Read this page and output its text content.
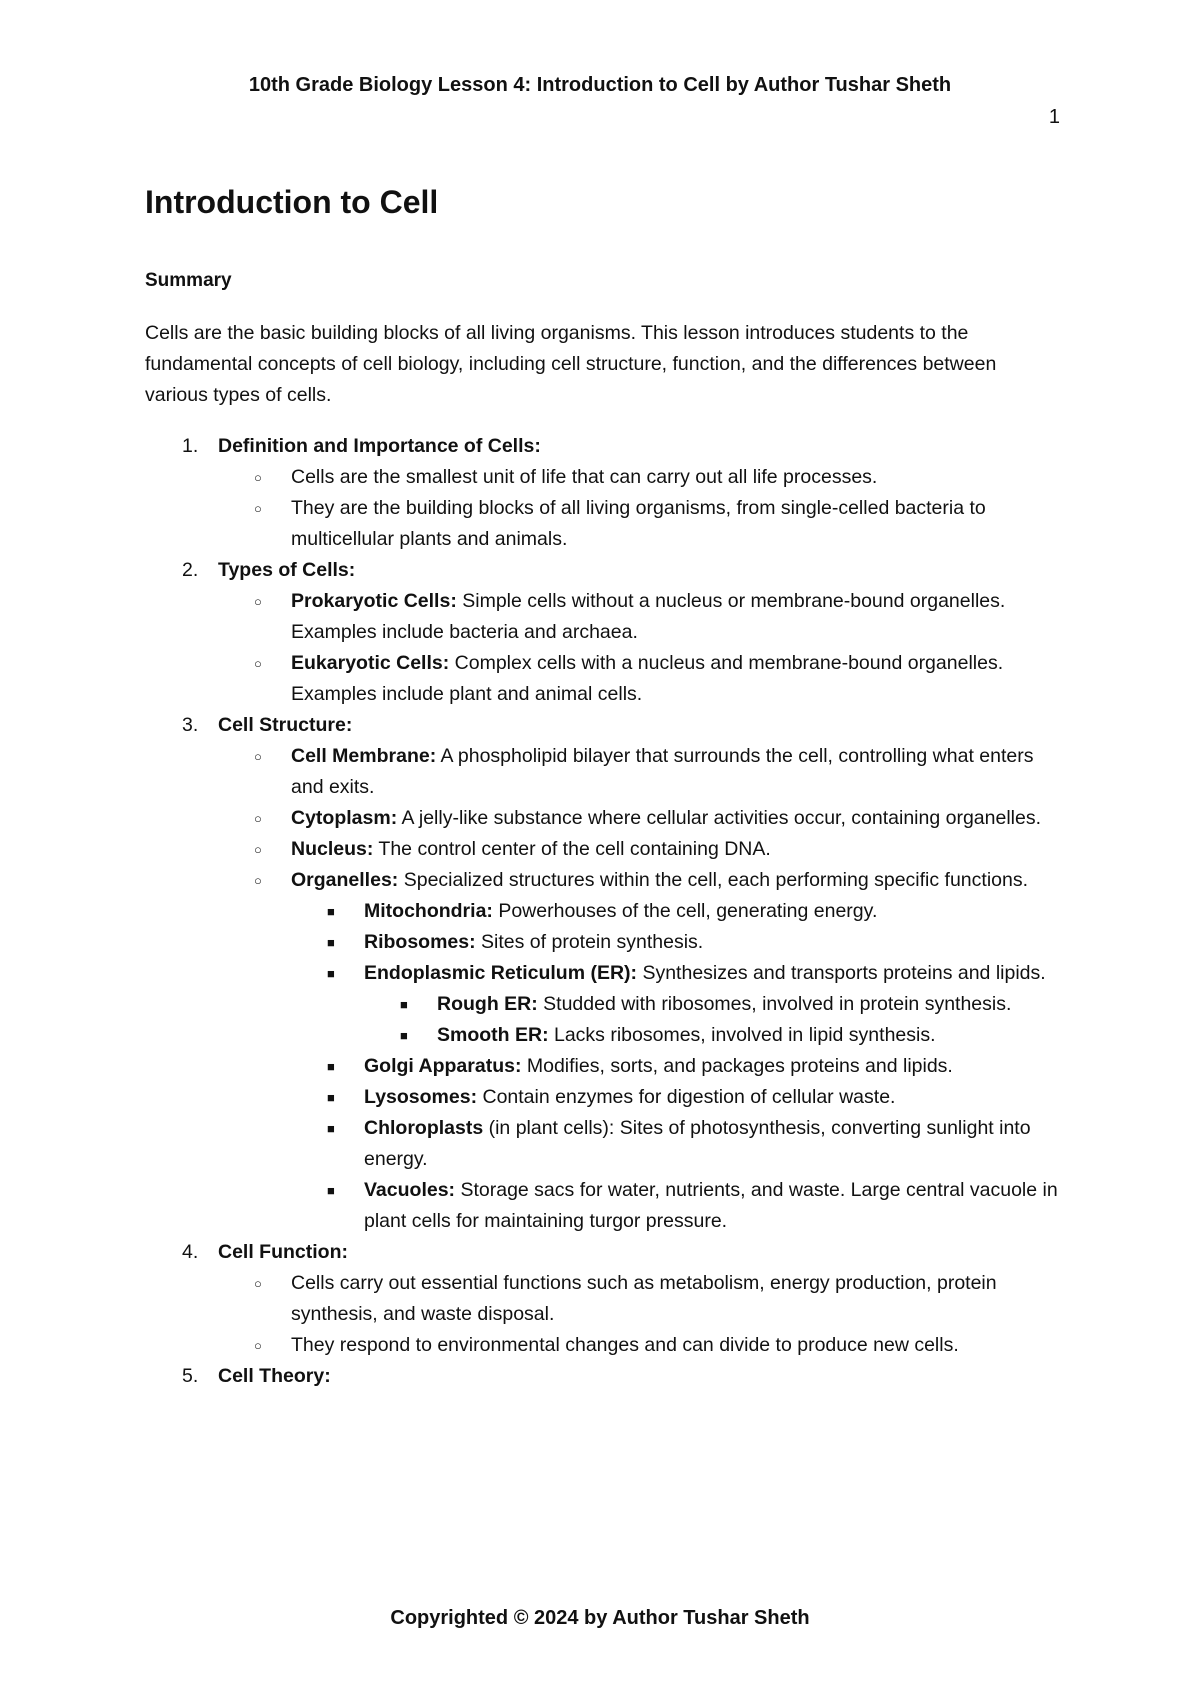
10th Grade Biology Lesson 4: Introduction to Cell by Author Tushar Sheth
1
Introduction to Cell
Summary
Cells are the basic building blocks of all living organisms. This lesson introduces students to the fundamental concepts of cell biology, including cell structure, function, and the differences between various types of cells.
1. Definition and Importance of Cells:
○ Cells are the smallest unit of life that can carry out all life processes.
○ They are the building blocks of all living organisms, from single-celled bacteria to multicellular plants and animals.
2. Types of Cells:
○ Prokaryotic Cells: Simple cells without a nucleus or membrane-bound organelles. Examples include bacteria and archaea.
○ Eukaryotic Cells: Complex cells with a nucleus and membrane-bound organelles. Examples include plant and animal cells.
3. Cell Structure:
○ Cell Membrane: A phospholipid bilayer that surrounds the cell, controlling what enters and exits.
○ Cytoplasm: A jelly-like substance where cellular activities occur, containing organelles.
○ Nucleus: The control center of the cell containing DNA.
○ Organelles: Specialized structures within the cell, each performing specific functions.
■ Mitochondria: Powerhouses of the cell, generating energy.
■ Ribosomes: Sites of protein synthesis.
■ Endoplasmic Reticulum (ER): Synthesizes and transports proteins and lipids.
■ Rough ER: Studded with ribosomes, involved in protein synthesis.
■ Smooth ER: Lacks ribosomes, involved in lipid synthesis.
■ Golgi Apparatus: Modifies, sorts, and packages proteins and lipids.
■ Lysosomes: Contain enzymes for digestion of cellular waste.
■ Chloroplasts (in plant cells): Sites of photosynthesis, converting sunlight into energy.
■ Vacuoles: Storage sacs for water, nutrients, and waste. Large central vacuole in plant cells for maintaining turgor pressure.
4. Cell Function:
○ Cells carry out essential functions such as metabolism, energy production, protein synthesis, and waste disposal.
○ They respond to environmental changes and can divide to produce new cells.
5. Cell Theory:
Copyrighted © 2024 by Author Tushar Sheth
